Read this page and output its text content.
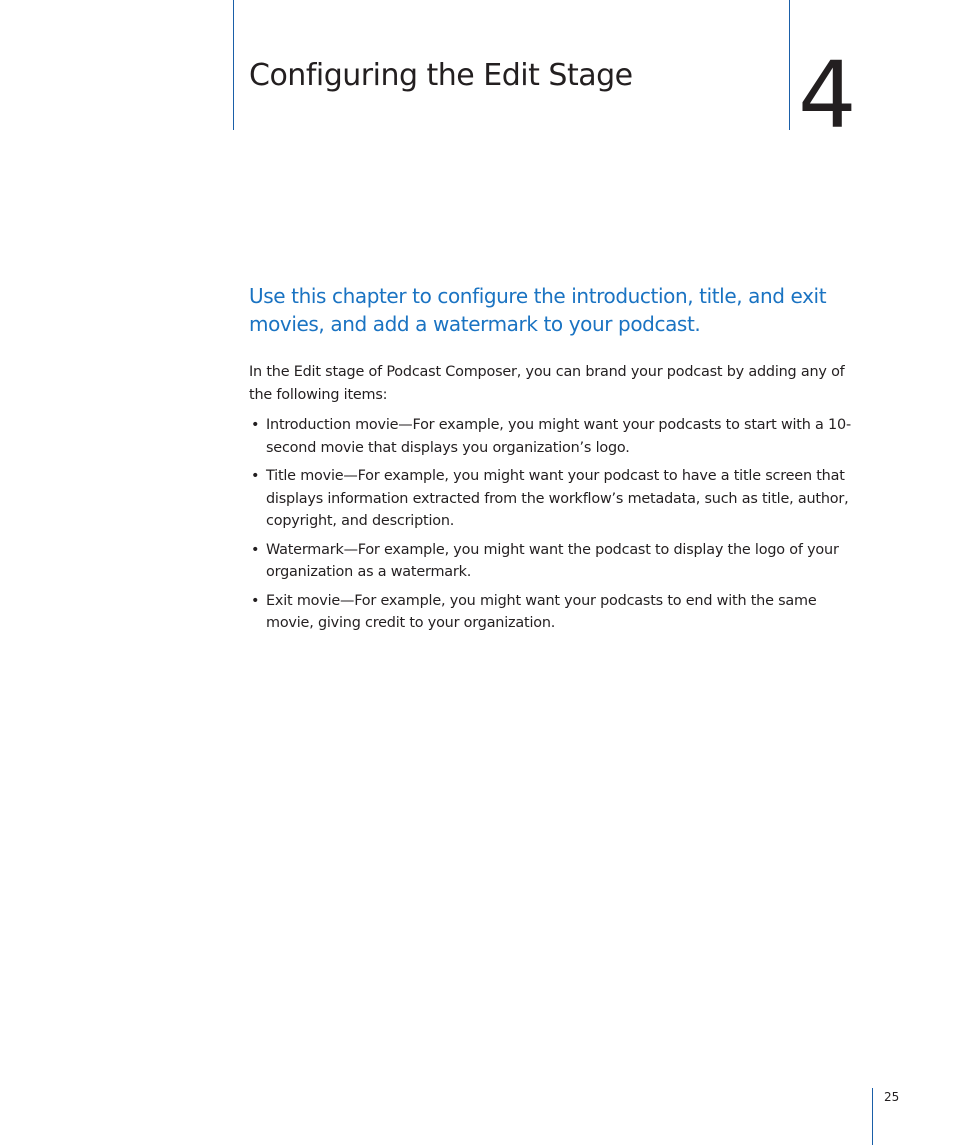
Configuring the Edit Stage 4

Use this chapter to configure the introduction, title, and exit movies, and add a watermark to your podcast.

In the Edit stage of Podcast Composer, you can brand your podcast by adding any of the following items:

• Introduction movie—For example, you might want your podcasts to start with a 10-second movie that displays you organization’s logo.
• Title movie—For example, you might want your podcast to have a title screen that displays information extracted from the workflow’s metadata, such as title, author, copyright, and description.
• Watermark—For example, you might want the podcast to display the logo of your organization as a watermark.
• Exit movie—For example, you might want your podcasts to end with the same movie, giving credit to your organization.
25
